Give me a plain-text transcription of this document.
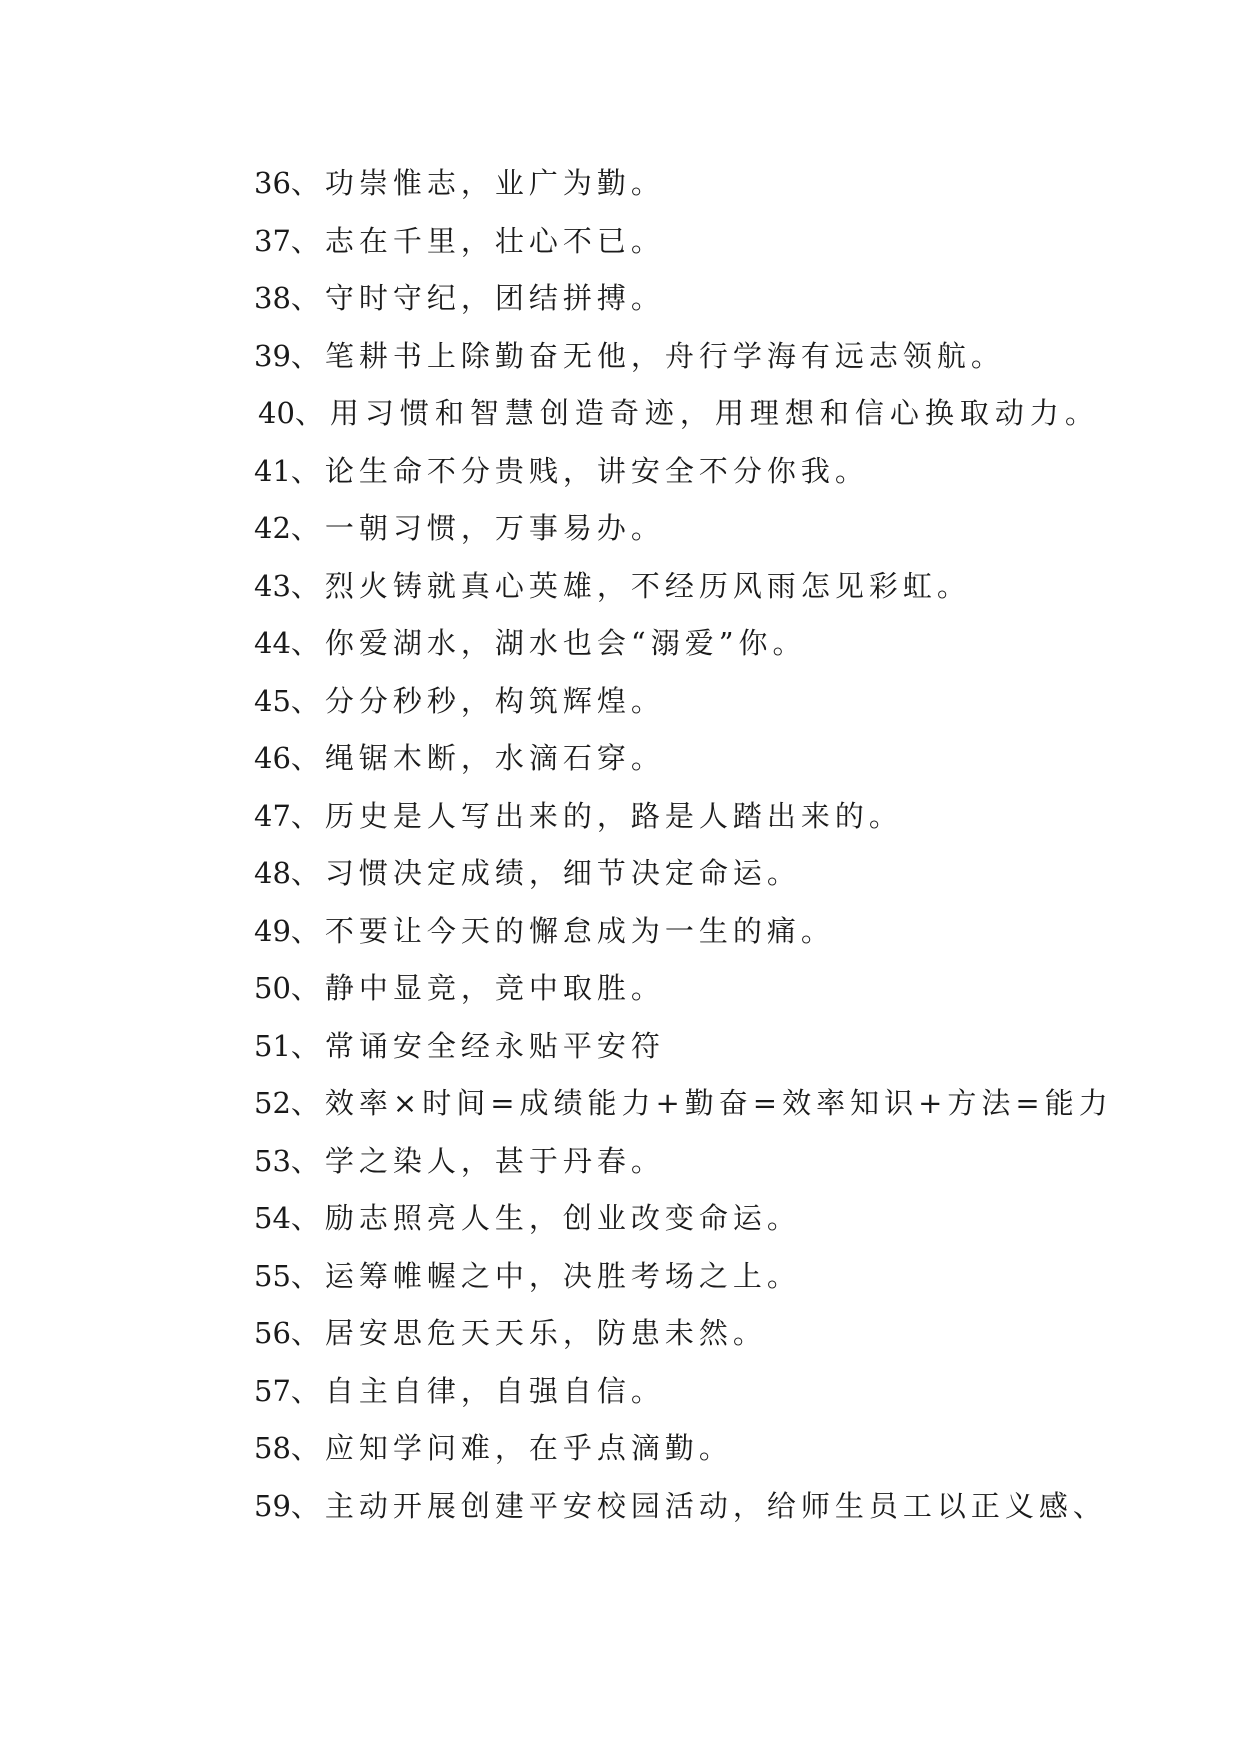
36、功崇惟志，业广为勤。
37、志在千里，壮心不已。
38、守时守纪，团结拼搏。
39、笔耕书上除勤奋无他，舟行学海有远志领航。
40、用习惯和智慧创造奇迹，用理想和信心换取动力。
41、论生命不分贵贱，讲安全不分你我。
42、一朝习惯，万事易办。
43、烈火铸就真心英雄，不经历风雨怎见彩虹。
44、你爱湖水，湖水也会“溺爱”你。
45、分分秒秒，构筑辉煌。
46、绳锯木断，水滴石穿。
47、历史是人写出来的，路是人踏出来的。
48、习惯决定成绩，细节决定命运。
49、不要让今天的懈怠成为一生的痛。
50、静中显竞，竞中取胜。
51、常诵安全经永贴平安符
52、效率×时间=成绩能力+勤奋=效率知识+方法=能力
53、学之染人，甚于丹春。
54、励志照亮人生，创业改变命运。
55、运筹帷幄之中，决胜考场之上。
56、居安思危天天乐，防患未然。
57、自主自律，自强自信。
58、应知学问难，在乎点滴勤。
59、主动开展创建平安校园活动，给师生员工以正义感、
